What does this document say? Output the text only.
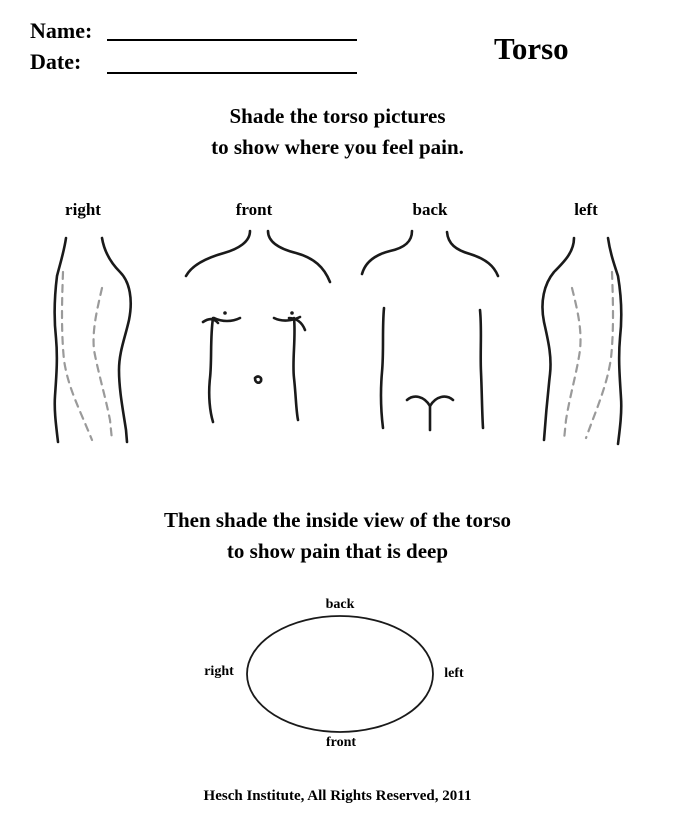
Name:
Date:	Torso
Shade the torso pictures
to show where you feel pain.
right	front	back	left
Then shade the inside view of the torso
to show pain that is deep
back
right	left
front
Hesch Institute, All Rights Reserved, 2011
